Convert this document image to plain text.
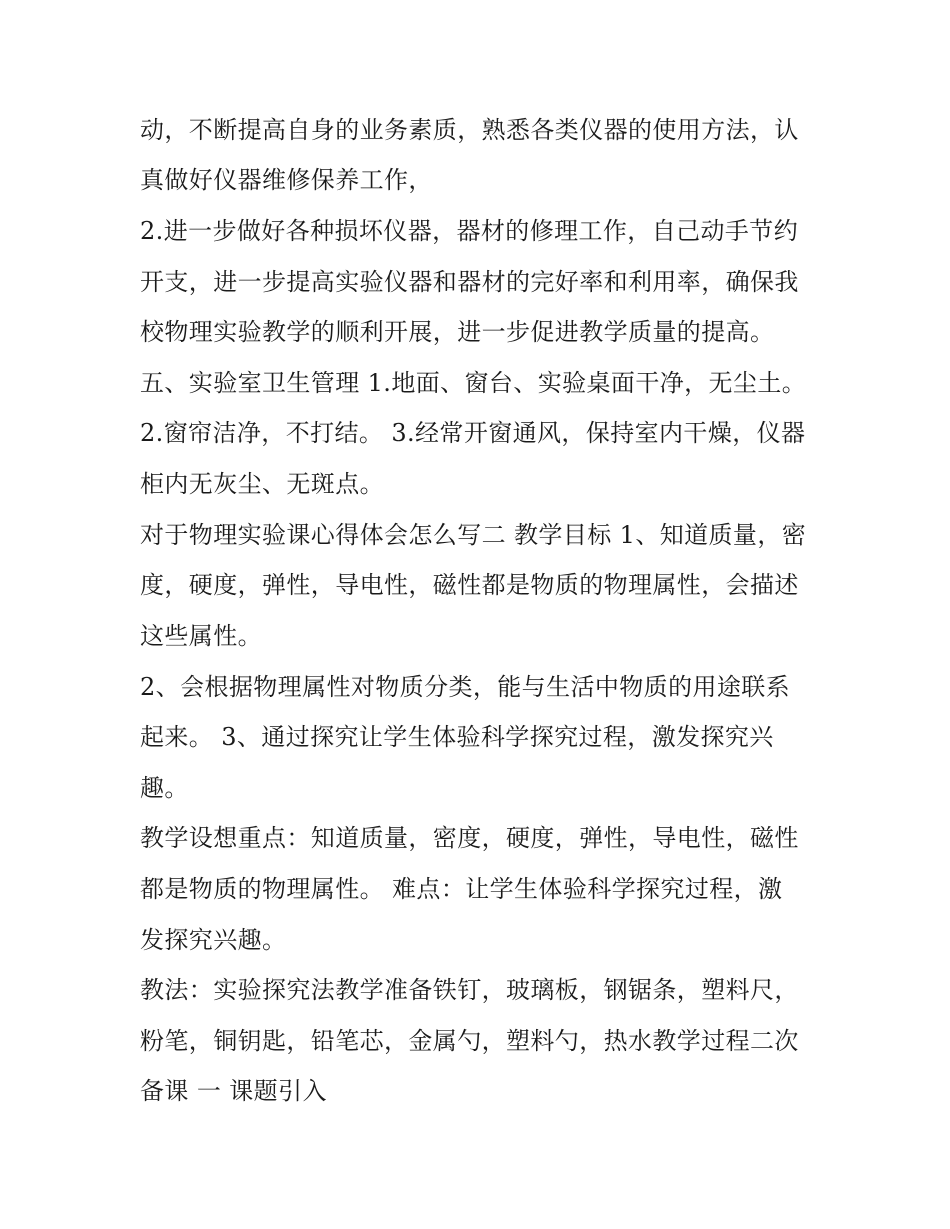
动，不断提高自身的业务素质，熟悉各类仪器的使用方法，认
真做好仪器维修保养工作，
2.进一步做好各种损坏仪器，器材的修理工作，自己动手节约
开支，进一步提高实验仪器和器材的完好率和利用率，确保我
校物理实验教学的顺利开展，进一步促进教学质量的提高。
五、实验室卫生管理 1.地面、窗台、实验桌面干净，无尘土。
2.窗帘洁净，不打结。 3.经常开窗通风，保持室内干燥，仪器
柜内无灰尘、无斑点。
对于物理实验课心得体会怎么写二 教学目标 1、知道质量，密
度，硬度，弹性，导电性，磁性都是物质的物理属性，会描述
这些属性。
2、会根据物理属性对物质分类，能与生活中物质的用途联系
起来。 3、通过探究让学生体验科学探究过程，激发探究兴
趣。
教学设想重点：知道质量，密度，硬度，弹性，导电性，磁性
都是物质的物理属性。 难点：让学生体验科学探究过程，激
发探究兴趣。
教法：实验探究法教学准备铁钉，玻璃板，钢锯条，塑料尺，
粉笔，铜钥匙，铅笔芯，金属勺，塑料勺，热水教学过程二次
备课 一 课题引入
